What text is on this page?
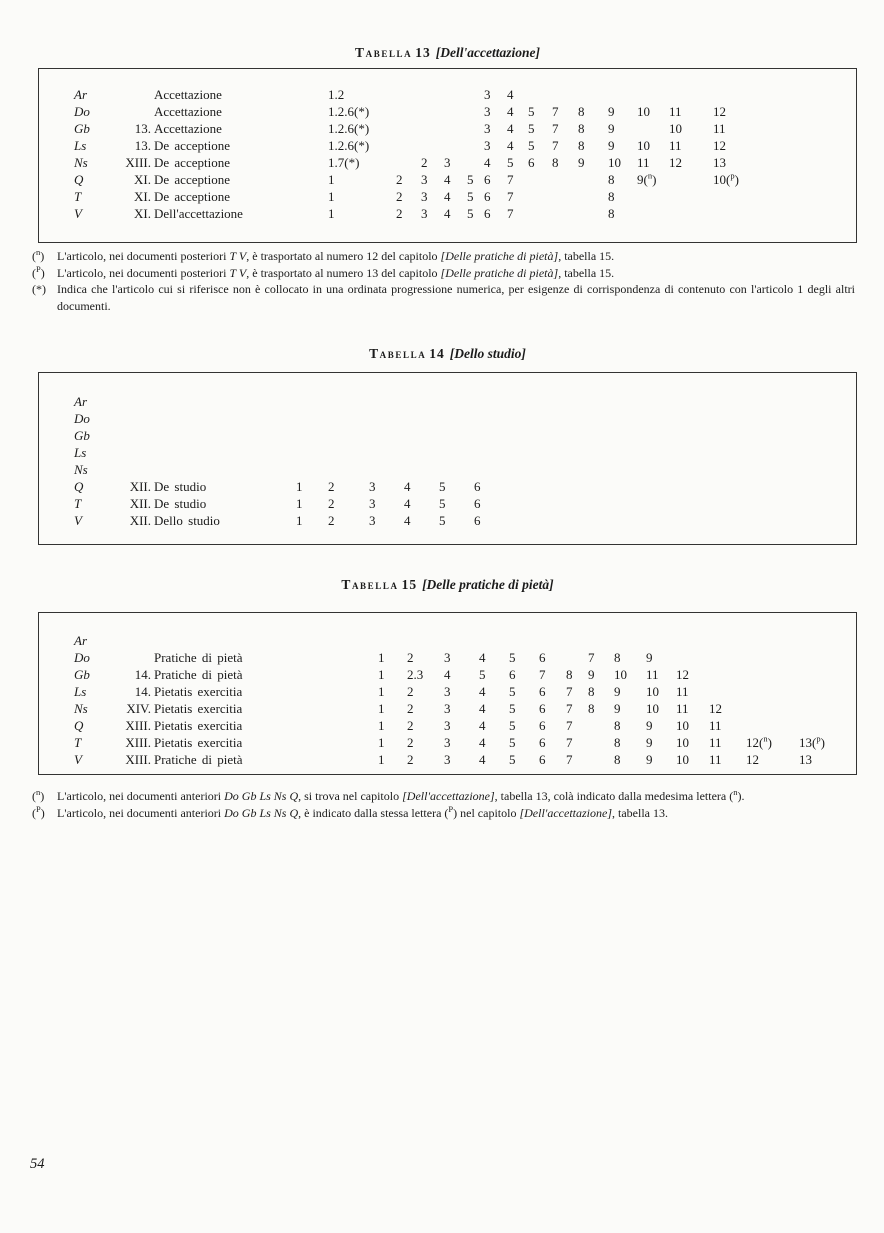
Tabella 13 [Dell'accettazione]
Ar	Accettazione	1.2	3	4
Do	Accettazione	1.2.6(*)	3	4	5	7	8	9	10	11	12
Gb	13. Accettazione	1.2.6(*)	3	4	5	7	8	9	10	11
Ls	13. De acceptione	1.2.6(*)	3	4	5	7	8	9	10	11	12
Ns	XIII. De acceptione	1.7(*)	2	3	4	5	6	8	9	10	11	12	13
Q	XI. De acceptione	1	2	3	4	5 6	7	8	9($^n$)	10($^p$)
T	XI. De acceptione	1	2	3	4	5 6	7	8
V	XI. Dell'accettazione	1	2	3	4	5 6	7	8
($^n$) L'articolo, nei documenti posteriori T V, è trasportato al numero 12 del capitolo [Delle pratiche di pietà], tabella 15.
($^P$) L'articolo, nei documenti posteriori T V, è trasportato al numero 13 del capitolo [Delle pratiche di pietà], tabella 15.
(*) Indica che l'articolo cui si riferisce non è collocato in una ordinata progressione numerica, per esigenze di corrispondenza di contenuto con l'articolo 1 degli altri documenti.
Tabella 14 [Dello studio]
Ar
Do
Gb
Ls
Ns
Q	XII. De studio	1	2	3	4	5	6
T	XII. De studio	1	2	3	4	5	6
V	XII. Dello studio	1	2	3	4	5	6
Tabella 15 [Delle pratiche di pietà]
Ar
Do	Pratiche di pietà	1	2	3	4	5	6	7	8	9
Gb	14. Pratiche di pietà	1	2.3	4	5	6	7	8	9	10	11	12
Ls	14. Pietatis exercitia	1	2	3	4	5	6	7	8	9	10	11
Ns	XIV. Pietatis exercitia	1	2	3	4	5	6	7	8	9	10	11	12
Q	XIII. Pietatis exercitia	1	2	3	4	5	6	7	8	9	10	11
T	XIII. Pietatis exercitia	1	2	3	4	5	6	7	8	9	10	11	12($^n$)	13($^p$)
V	XIII. Pratiche di pietà	1	2	3	4	5	6	7	8	9	10	11	12	13
($^n$) L'articolo, nei documenti anteriori Do Gb Ls Ns Q, si trova nel capitolo [Dell'accettazione], tabella 13, colà indicato dalla medesima lettera ($^n$).
($^P$) L'articolo, nei documenti anteriori Do Gb Ls Ns Q, è indicato dalla stessa lettera ($^P$) nel capitolo [Dell'accettazione], tabella 13.
54
